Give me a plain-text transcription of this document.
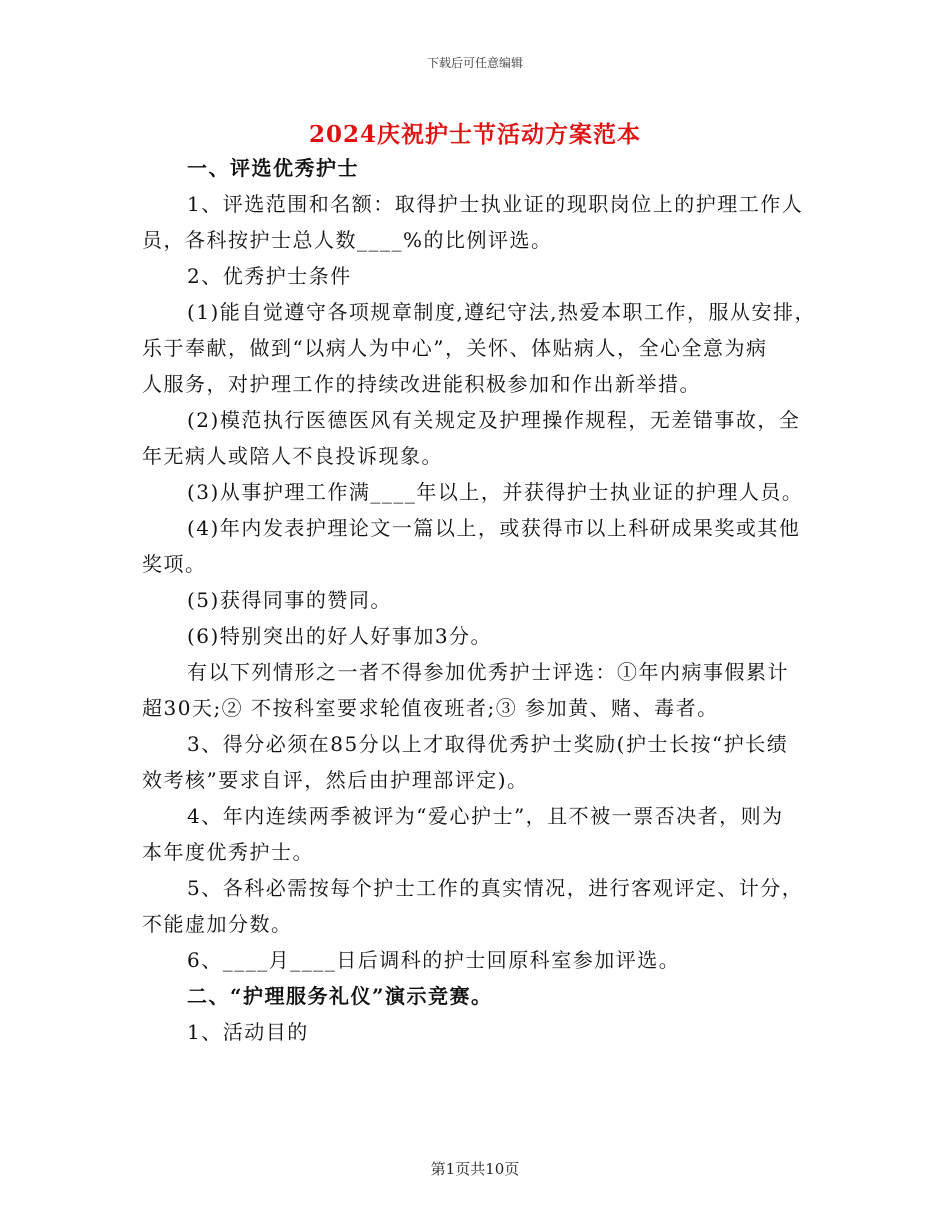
下载后可任意编辑
2024庆祝护士节活动方案范本
一、评选优秀护士
1、评选范围和名额：取得护士执业证的现职岗位上的护理工作人
员，各科按护士总人数____%的比例评选。
2、优秀护士条件
(1)能自觉遵守各项规章制度,遵纪守法,热爱本职工作，服从安排，
乐于奉献，做到“以病人为中心”，关怀、体贴病人，全心全意为病
人服务，对护理工作的持续改进能积极参加和作出新举措。
(2)模范执行医德医风有关规定及护理操作规程，无差错事故，全
年无病人或陪人不良投诉现象。
(3)从事护理工作满____年以上，并获得护士执业证的护理人员。
(4)年内发表护理论文一篇以上，或获得市以上科研成果奖或其他
奖项。
(5)获得同事的赞同。
(6)特别突出的好人好事加3分。
有以下列情形之一者不得参加优秀护士评选：①年内病事假累计
超30天;② 不按科室要求轮值夜班者;③ 参加黄、赌、毒者。
3、得分必须在85分以上才取得优秀护士奖励(护士长按“护长绩
效考核”要求自评，然后由护理部评定)。
4、年内连续两季被评为“爱心护士”，且不被一票否决者，则为
本年度优秀护士。
5、各科必需按每个护士工作的真实情况，进行客观评定、计分，
不能虚加分数。
6、____月____日后调科的护士回原科室参加评选。
二、“护理服务礼仪”演示竞赛。
1、活动目的
第1页共10页
